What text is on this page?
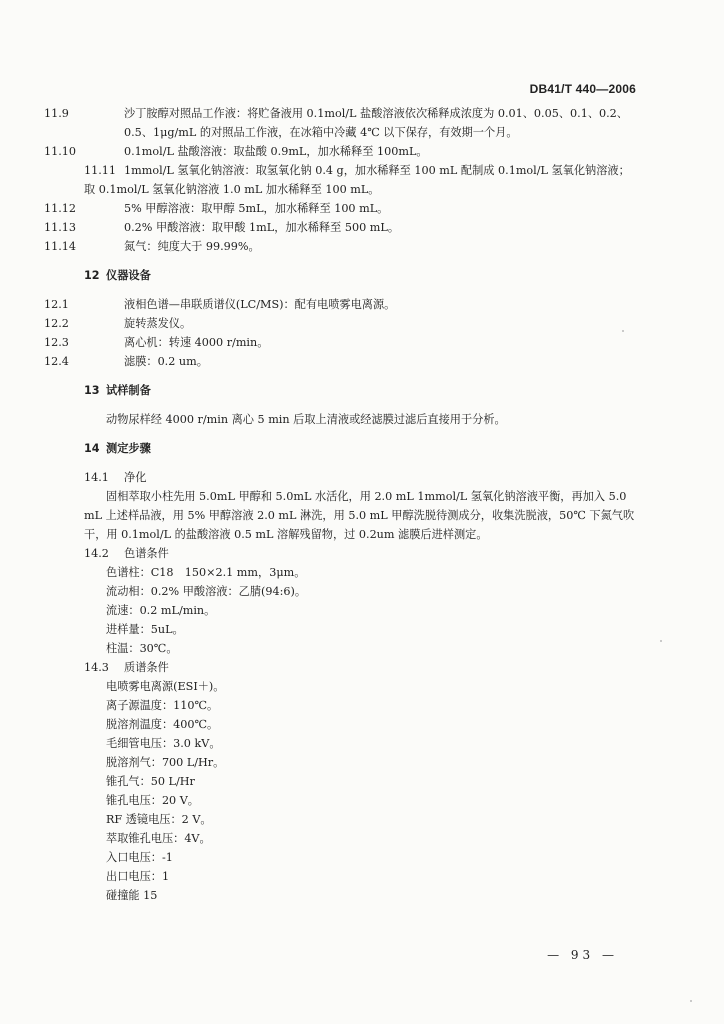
DB41/T 440—2006
11.9	沙丁胺醇对照品工作液：将贮备液用 0.1mol/L 盐酸溶液依次稀释成浓度为 0.01、0.05、0.1、0.2、0.5、1μg/mL 的对照品工作液，在冰箱中冷藏 4℃ 以下保存，有效期一个月。
11.10	0.1mol/L 盐酸溶液：取盐酸 0.9mL，加水稀释至 100mL。
11.11 1mmol/L 氢氧化钠溶液：取氢氧化钠 0.4 g，加水稀释至 100 mL 配制成 0.1mol/L 氢氧化钠溶液；取 0.1mol/L 氢氧化钠溶液 1.0 mL 加水稀释至 100 mL。
11.12	5% 甲醇溶液：取甲醇 5mL，加水稀释至 100 mL。
11.13	0.2% 甲酸溶液：取甲酸 1mL，加水稀释至 500 mL。
11.14	氮气：纯度大于 99.99%。
12 仪器设备
12.1	液相色谱—串联质谱仪(LC/MS)：配有电喷雾电离源。
12.2	旋转蒸发仪。
12.3	离心机：转速 4000 r/min。
12.4	滤膜：0.2 um。
13 试样制备
动物尿样经 4000 r/min 离心 5 min 后取上清液或经滤膜过滤后直接用于分析。
14 测定步骤
14.1 净化
固相萃取小柱先用 5.0mL 甲醇和 5.0mL 水活化，用 2.0 mL 1mmol/L 氢氧化钠溶液平衡，再加入 5.0 mL 上述样品液，用 5% 甲醇溶液 2.0 mL 淋洗，用 5.0 mL 甲醇洗脱待测成分，收集洗脱液，50℃ 下氮气吹干，用 0.1mol/L 的盐酸溶液 0.5 mL 溶解残留物，过 0.2um 滤膜后进样测定。
14.2 色谱条件
色谱柱：C18　150×2.1 mm，3μm。
流动相：0.2% 甲酸溶液：乙腈(94:6)。
流速：0.2 mL/min。
进样量：5uL。
柱温：30℃。
14.3 质谱条件
电喷雾电离源(ESI＋)。
离子源温度：110℃。
脱溶剂温度：400℃。
毛细管电压：3.0 kV。
脱溶剂气：700 L/Hr。
锥孔气：50 L/Hr
锥孔电压：20 V。
RF 透镜电压：2 V。
萃取锥孔电压：4V。
入口电压：-1
出口电压：1
碰撞能 15
— 93 —
